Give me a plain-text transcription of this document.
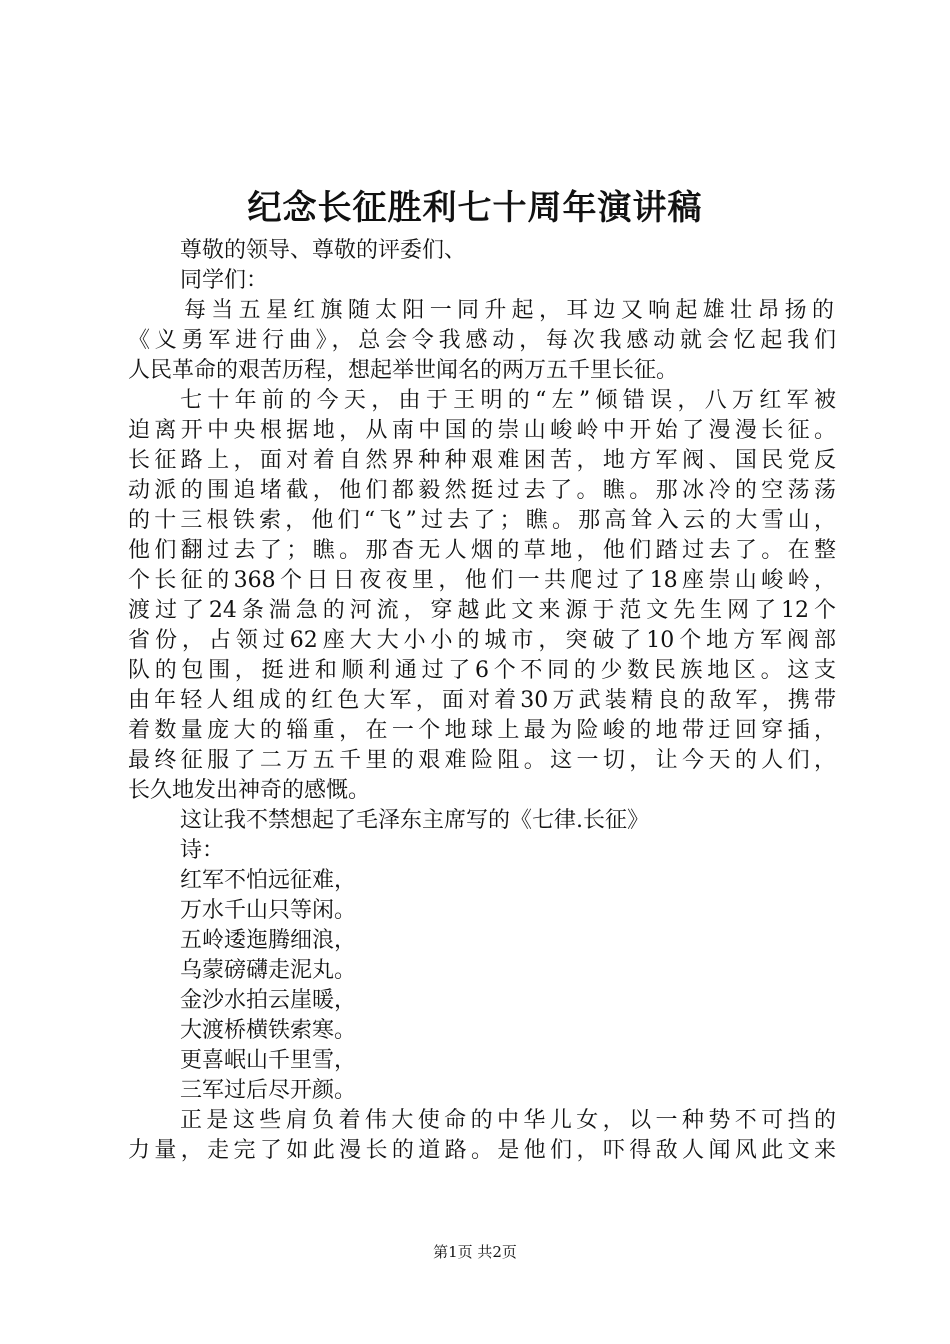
纪念长征胜利七十周年演讲稿
尊敬的领导、尊敬的评委们、
同学们：
每当五星红旗随太阳一同升起，耳边又响起雄壮昂扬的
《义勇军进行曲》，总会令我感动，每次我感动就会忆起我们
人民革命的艰苦历程，想起举世闻名的两万五千里长征。
七十年前的今天，由于王明的“左”倾错误，八万红军被
迫离开中央根据地，从南中国的崇山峻岭中开始了漫漫长征。
长征路上，面对着自然界种种艰难困苦，地方军阀、国民党反
动派的围追堵截，他们都毅然挺过去了。瞧。那冰冷的空荡荡
的十三根铁索，他们“飞”过去了；瞧。那高耸入云的大雪山，
他们翻过去了；瞧。那杳无人烟的草地，他们踏过去了。在整
个长征的368个日日夜夜里，他们一共爬过了18座崇山峻岭，
渡过了24条湍急的河流，穿越此文来源于范文先生网了12个
省份，占领过62座大大小小的城市，突破了10个地方军阀部
队的包围，挺进和顺利通过了6个不同的少数民族地区。这支
由年轻人组成的红色大军，面对着30万武装精良的敌军，携带
着数量庞大的辎重，在一个地球上最为险峻的地带迂回穿插，
最终征服了二万五千里的艰难险阻。这一切，让今天的人们，
长久地发出神奇的感慨。
这让我不禁想起了毛泽东主席写的《七律.长征》
诗：
红军不怕远征难，
万水千山只等闲。
五岭逶迤腾细浪，
乌蒙磅礴走泥丸。
金沙水拍云崖暖，
大渡桥横铁索寒。
更喜岷山千里雪，
三军过后尽开颜。
正是这些肩负着伟大使命的中华儿女，以一种势不可挡的
力量，走完了如此漫长的道路。是他们，吓得敌人闻风此文来
第1页 共2页
